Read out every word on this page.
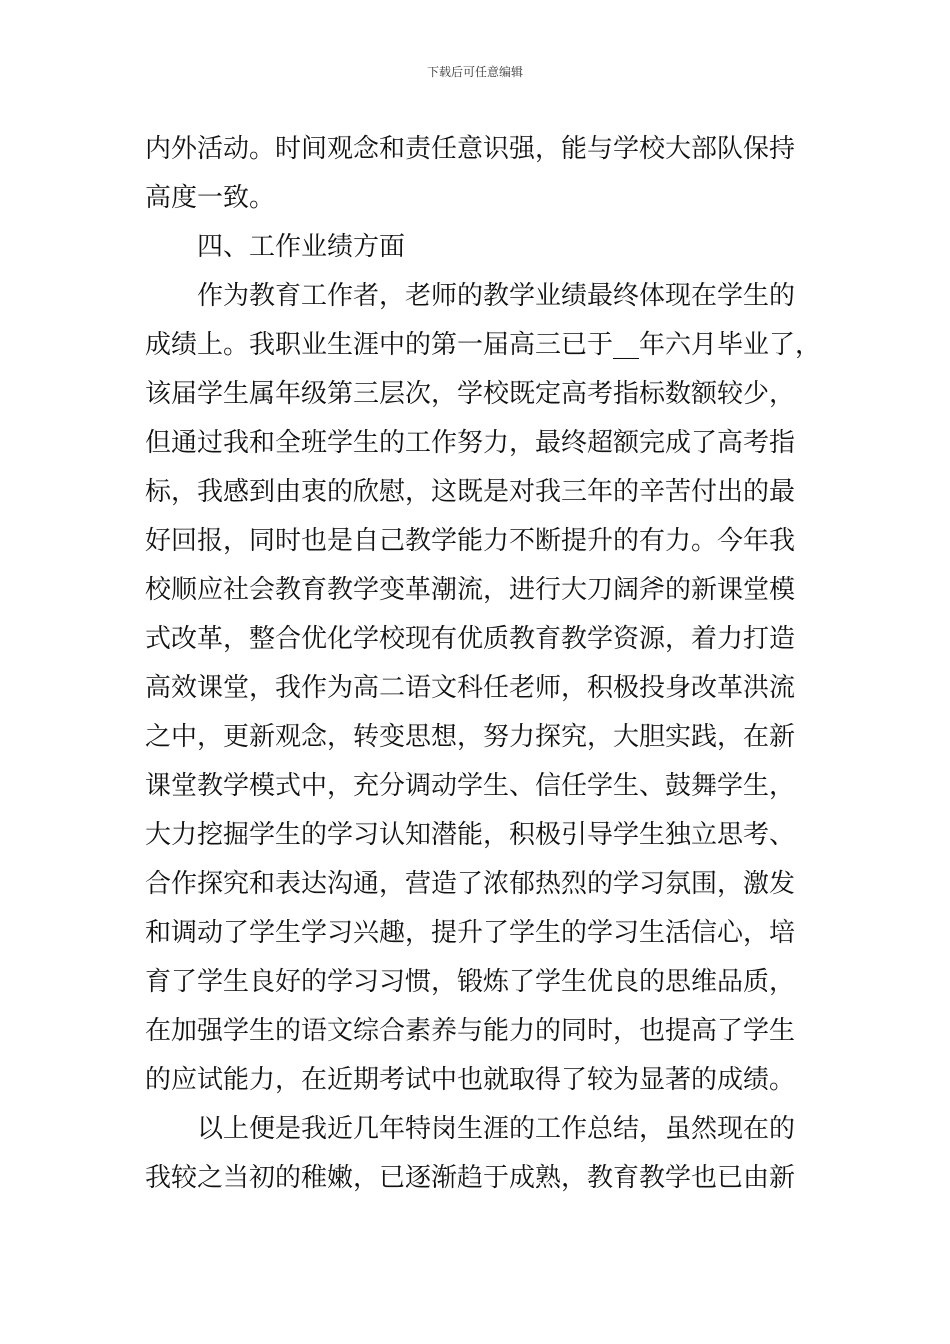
下载后可任意编辑
内外活动。时间观念和责任意识强，能与学校大部队保持
高度一致。
四、工作业绩方面
作为教育工作者，老师的教学业绩最终体现在学生的
成绩上。我职业生涯中的第一届高三已于__年六月毕业了，
该届学生属年级第三层次，学校既定高考指标数额较少，
但通过我和全班学生的工作努力，最终超额完成了高考指
标，我感到由衷的欣慰，这既是对我三年的辛苦付出的最
好回报，同时也是自己教学能力不断提升的有力。今年我
校顺应社会教育教学变革潮流，进行大刀阔斧的新课堂模
式改革，整合优化学校现有优质教育教学资源，着力打造
高效课堂，我作为高二语文科任老师，积极投身改革洪流
之中，更新观念，转变思想，努力探究，大胆实践，在新
课堂教学模式中，充分调动学生、信任学生、鼓舞学生，
大力挖掘学生的学习认知潜能，积极引导学生独立思考、
合作探究和表达沟通，营造了浓郁热烈的学习氛围，激发
和调动了学生学习兴趣，提升了学生的学习生活信心，培
育了学生良好的学习习惯，锻炼了学生优良的思维品质，
在加强学生的语文综合素养与能力的同时，也提高了学生
的应试能力，在近期考试中也就取得了较为显著的成绩。
以上便是我近几年特岗生涯的工作总结，虽然现在的
我较之当初的稚嫩，已逐渐趋于成熟，教育教学也已由新
